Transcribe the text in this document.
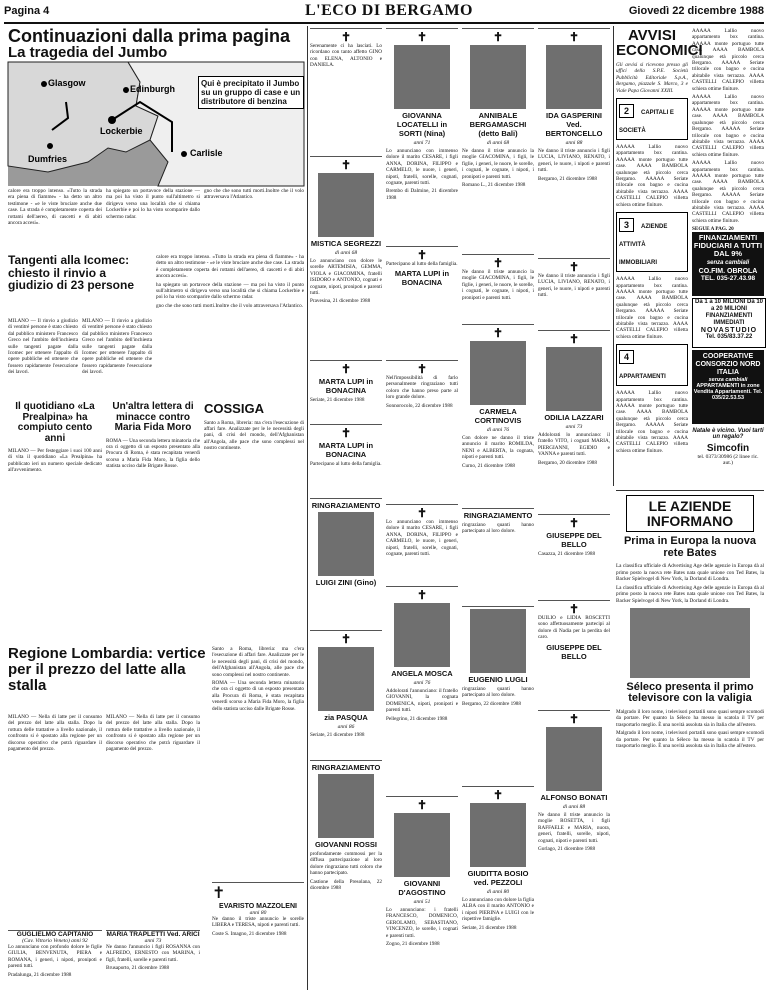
Pagina 4	L'ECO DI BERGAMO	Giovedì 22 dicembre 1988
Continuazioni dalla prima pagina
La tragedia del Jumbo
Glasgow
Edinburgh
Lockerbie
Dumfries
Carlisle
Qui è precipitato il Jumbo su un gruppo di case e un distributore di benzina

calore era troppo intenso. «Tutto la strada era piena di fiamme» - ha detto un altro testimone - «e le viste bruciare anche due case. La strada è completamente coperta dei rottami dell'aereo, di cascetti e di abiti ancora accesi».

ha spiegato un portavoce della stazione — ma poi ha visto il punto sull'altimetro si dirigeva verso una località che si chiama Lockerbie e poi lo ha visto scomparire dallo schermo radar.

gno che che sono tutti morti.Inoltre che il volo attraversava l'Atlantico.

Tangenti alla Icomec: chiesto il rinvio a giudizio di 23 persone

MILANO — Il rinvio a giudizio di ventitré persone è stato chiesto dal pubblico ministero Francesco Greco nel l'ambito dell'inchiesta sulle tangenti pagate dalla Icomec per ottenere l'appalto di opere pubbliche ed ottenere che fossero rapidamente l'esecuzione dei lavori.

MILANO — Il rinvio a giudizio di ventitré persone è stato chiesto dal pubblico ministero Francesco Greco nel l'ambito dell'inchiesta sulle tangenti pagate dalla Icomec per ottenere l'appalto di opere pubbliche ed ottenere che fossero rapidamente l'esecuzione dei lavori.

calore era troppo intenso. «Tutto la strada era piena di fiamme» - ha detto un altro testimone - «e le viste bruciare anche due case. La strada è completamente coperta dei rottami dell'aereo, di cascetti e di abiti ancora accesi».

ha spiegato un portavoce della stazione — ma poi ha visto il punto sull'altimetro si dirigeva verso una località che si chiama Lockerbie e poi lo ha visto scomparire dallo schermo radar.

gno che che sono tutti morti.Inoltre che il volo attraversava l'Atlantico.

Il quotidiano «La Prealpina» ha compiuto cento anni

MILANO — Per festeggiare i suoi 100 anni di vita il quotidiano «La Prealpina» ha pubblicato ieri un numero speciale dedicato all'avvenimento.

Un'altra lettera di minacce contro Maria Fida Moro

ROMA — Una seconda lettera minatoria che ora ci oggetto di un esposto presentato alla Procura di Roma, è stata recapitata venerdì scorso a Maria Fida Moro, la figlia dello statista ucciso dalle Brigate Rosse.

COSSIGA

Santo a Roma, libreria: ma c'era l'esecuzione di affari fare. Analizzate per le le necessità degli pani, di crisi del mondo, dell'Afghanistan all'Angola, alle pace che sono complessi nel nostro continente.

Regione Lombardia: vertice per il prezzo del latte alla stalla

MILANO — Nella di latte per il consumo del prezzo del latte alla stalla. Dopo la rottura delle trattative a livello nazionale, il confronto si è spostato alla regione per un discorso operativo che potrà riguardare il pagamento del prezzo.

MILANO — Nella di latte per il consumo del prezzo del latte alla stalla. Dopo la rottura delle trattative a livello nazionale, il confronto si è spostato alla regione per un discorso operativo che potrà riguardare il pagamento del prezzo.

Santo a Roma, libreria: ma c'era l'esecuzione di affari fare. Analizzate per le le necessità degli pani, di crisi del mondo, dell'Afghanistan all'Angola, alle pace che sono complessi nel nostro continente.

ROMA — Una seconda lettera minatoria che ora ci oggetto di un esposto presentato alla Procura di Roma, è stata recapitata venerdì scorso a Maria Fida Moro, la figlia dello statista ucciso dalle Brigate Rosse.

✝

Serenamente ci ha lasciati. Lo ricordano con tanto affetto GINO con ELENA, ALTONIO e DANIELA.

✝
MISTICA SEGREZZI
di anni 68

Lo annunciano con dolore le sorelle ARTEMISIA, GEMMA, VIOLA e GIACOMINA, fratelli ISIDORO e ANTONIO, cognati e cognate, nipoti, pronipoti e parenti tutti.

Pravesina, 21 dicembre 1988

✝
MARTA LUPI in BONACINA

Seriate, 21 dicembre 1988

✝
MARTA LUPI in BONACINA

Partecipano al lutto della famiglia.

RINGRAZIAMENTO
LUIGI ZINI (Gino)
✝
zia PASQUA
anni 86

Seriate, 21 dicembre 1988

RINGRAZIAMENTO
GIOVANNI ROSSI

profondamente commossi per la diffusa partecipazione al loro dolore ringraziano tutti coloro che hanno partecipato.

Castione della Presolana, 22 dicembre 1988

✝
GIOVANNA LOCATELLI in SORTI (Nina)
anni 71

Lo annunciano con immenso dolore il marito CESARE, i figli ANNA, DORINA, FILIPPO e CARMELO, le nuore, i generi, nipoti, fratelli, sorelle, cognati, cognate, parenti tutti.

Brembo di Dalmine, 21 dicembre 1988

✝

Partecipano al lutto della famiglia.

MARTA LUPI in BONACINA
✝

Nell'impossibilità di farlo personalmente ringraziano tutti coloro che hanno preso parte al loro grande dolore.

Sonnorocolo, 22 dicembre 1988

✝

Lo annunciano con immenso dolore il marito CESARE, i figli ANNA, DORINA, FILIPPO e CARMELO, le nuore, i generi, nipoti, fratelli, sorelle, cognati, cognate, parenti tutti.

✝
ANGELA MOSCA
anni 76

Addolorati l'annunciano: il fratello GIOVANNI, la cognata DOMENICA, nipoti, pronipoti e parenti tutti.

Pellegrino, 21 dicembre 1988

✝
GIOVANNI D'AGOSTINO
anni 51

Lo annunciano: i fratelli FRANCESCO, DOMENICO, GEROLAMO, SEBASTIANO, VINCENZO, le sorelle, i cognati e parenti tutti.

Zogno, 21 dicembre 1988

✝
ANNIBALE BERGAMASCHI (detto Bali)
di anni 68

Ne danno il triste annuncio la moglie GIACOMINA, i figli, le figlie, i generi, le nuore, le sorelle, i cognati, le cognate, i nipoti, i pronipoti e parenti tutti.

Romano L., 21 dicembre 1988

✝

Ne danno il triste annuncio la moglie GIACOMINA, i figli, le figlie, i generi, le nuore, le sorelle, i cognati, le cognate, i nipoti, i pronipoti e parenti tutti.

✝
CARMELA CORTINOVIS
di anni 76

Con dolore ne danno il triste annuncio il marito ROMILDA, NENI e ALBERTA, la cognata, nipoti e parenti tutti.

Curno, 21 dicembre 1988

RINGRAZIAMENTO

ringraziano quanti hanno partecipato al loro dolore.

EUGENIO LUGLI

ringraziano quanti hanno partecipato al loro dolore.

Bergamo, 22 dicembre 1988

✝
GIUDITTA BOSIO ved. PEZZOLI
di anni 80

Lo annunciano con dolore la figlia ALBA con il marito ANTONIO e i nipoti PIERINA e LUIGI con le rispettive famiglie.

Seriate, 21 dicembre 1988

✝
IDA GASPERINI Ved. BERTONCELLO
anni 88

Ne danno il triste annuncio i figli LUCIA, LIVIANO, RENATO, i generi, le nuore, i nipoti e parenti tutti.

Bergamo, 21 dicembre 1988

✝

Ne danno il triste annuncio i figli LUCIA, LIVIANO, RENATO, i generi, le nuore, i nipoti e parenti tutti.

✝
ODILIA LAZZARI
anni 73

Addolorati lo annunciano: il fratello VITO, i cognati MARIA, PIERGIANNI, EGIDIO e VANNA e parenti tutti.

Bergamo, 20 dicembre 1988

✝
GIUSEPPE DEL BELLO

Casazza, 21 dicembre 1988

✝

DUILIO e LIDIA ROSCETTI sono affettuosamente partecipi al dolore di Nadia per la perdita del caro.

GIUSEPPE DEL BELLO
✝
ALFONSO BONATI
di anni 88

Ne danno il triste annuncio la moglie ROSETTA, i figli RAFFAELE e MARIA, nuora, generi, fratelli, sorelle, nipoti, cognati, nipoti e parenti tutti.

Gorlago, 21 dicembre 1988

AVVISI ECONOMICI

Gli avvisi si ricevono presso gli uffici della S.P.E. Società Pubblicità Editoriale S.p.A., Bergamo, piazzale S. Marco, 3 e Viale Papa Giovanni XXIII.

2 CAPITALI E SOCIETÀ

AAAAA Lallio nuovo appartamento box cantina. AAAAA monte portuguo tutte case. AAAA BAMBOLA qualunque età piccolo cerca Bergamo. AAAAA Seriate trilocale con bagno e cucina abitabile vista terrazzo. AAAA CASTELLI CALEPIO villetta schiera ottime finiture.

3 AZIENDE ATTIVITÀ IMMOBILIARI

AAAAA Lallio nuovo appartamento box cantina. AAAAA monte portuguo tutte case. AAAA BAMBOLA qualunque età piccolo cerca Bergamo. AAAAA Seriate trilocale con bagno e cucina abitabile vista terrazzo. AAAA CASTELLI CALEPIO villetta schiera ottime finiture.

4 APPARTAMENTI

AAAAA Lallio nuovo appartamento box cantina. AAAAA monte portuguo tutte case. AAAA BAMBOLA qualunque età piccolo cerca Bergamo. AAAAA Seriate trilocale con bagno e cucina abitabile vista terrazzo. AAAA CASTELLI CALEPIO villetta schiera ottime finiture.

AAAAA Lallio nuovo appartamento box cantina. AAAAA monte portuguo tutte case. AAAA BAMBOLA qualunque età piccolo cerca Bergamo. AAAAA Seriate trilocale con bagno e cucina abitabile vista terrazzo. AAAA CASTELLI CALEPIO villetta schiera ottime finiture.

AAAAA Lallio nuovo appartamento box cantina. AAAAA monte portuguo tutte case. AAAA BAMBOLA qualunque età piccolo cerca Bergamo. AAAAA Seriate trilocale con bagno e cucina abitabile vista terrazzo. AAAA CASTELLI CALEPIO villetta schiera ottime finiture.

AAAAA Lallio nuovo appartamento box cantina. AAAAA monte portuguo tutte case. AAAA BAMBOLA qualunque età piccolo cerca Bergamo. AAAAA Seriate trilocale con bagno e cucina abitabile vista terrazzo. AAAA CASTELLI CALEPIO villetta schiera ottime finiture.

SEGUE A PAG. 20

FINANZIAMENTI FIDUCIARI A TUTTI DAL 9%
senza cambiali
CO.FIM. OBROLA
TEL. 035-27.43.98
Da 1 a 10 MILIONI Da 10 a 20 MILIONI FINANZIAMENTI IMMEDIATI
NOVASTUDIO
Tel. 035/83.37.22
COOPERATIVE CONSORZIO NORD ITALIA
senza cambiali
APPARTAMENTI in zone Vendita Appartamenti. Tel. 035/22.53.53
Natale è vicino. Vuoi tarti un regalo?
Simcofin
tel. 0373/30986 (2 linee ric. aut.)
LE AZIENDE INFORMANO
Prima in Europa la nuova rete Bates

La classifica ufficiale di Advertising Age delle agenzie in Europa dà al primo posto la nuova rete Bates nata quale unione con Ted Bates, la Backer Spielvogel di New York, la Dorland di Londra.

La classifica ufficiale di Advertising Age delle agenzie in Europa dà al primo posto la nuova rete Bates nata quale unione con Ted Bates, la Backer Spielvogel di New York, la Dorland di Londra.

Séleco presenta il primo televisore con la valigia

Malgrado il loro nome, i televisori portatili sono quasi sempre scomodi da portare. Per quanto la Séleco ha messo in scatola il TV per trasportarlo meglio. È una novità assoluta sia in Italia che all'estero.

Malgrado il loro nome, i televisori portatili sono quasi sempre scomodi da portare. Per quanto la Séleco ha messo in scatola il TV per trasportarlo meglio. È una novità assoluta sia in Italia che all'estero.

✝
EVARISTO MAZZOLENI
anni 80

Ne danno il triste annuncio le sorelle LIBERA e TERESA, nipoti e parenti tutti.

Coste S. Imagno, 21 dicembre 1988

MARIA TRAPLETTI Ved. ARICI
anni 73

Ne danno l'annuncio i figli ROSANNA con ALFREDO, ERNESTO con MARINA, i figli, fratelli, sorelle e parenti tutti.

Brusaporto, 21 dicembre 1988

GUGLIELMO CAPITANIO
(Cav. Vittorio Veneto) anni 92

Lo annunciano con profondo dolore le figlie GIULIA, BENVENUTA, PIERA e ROMANA, i generi, i nipoti, pronipoti e parenti tutti.

Pradalunga, 21 dicembre 1988
